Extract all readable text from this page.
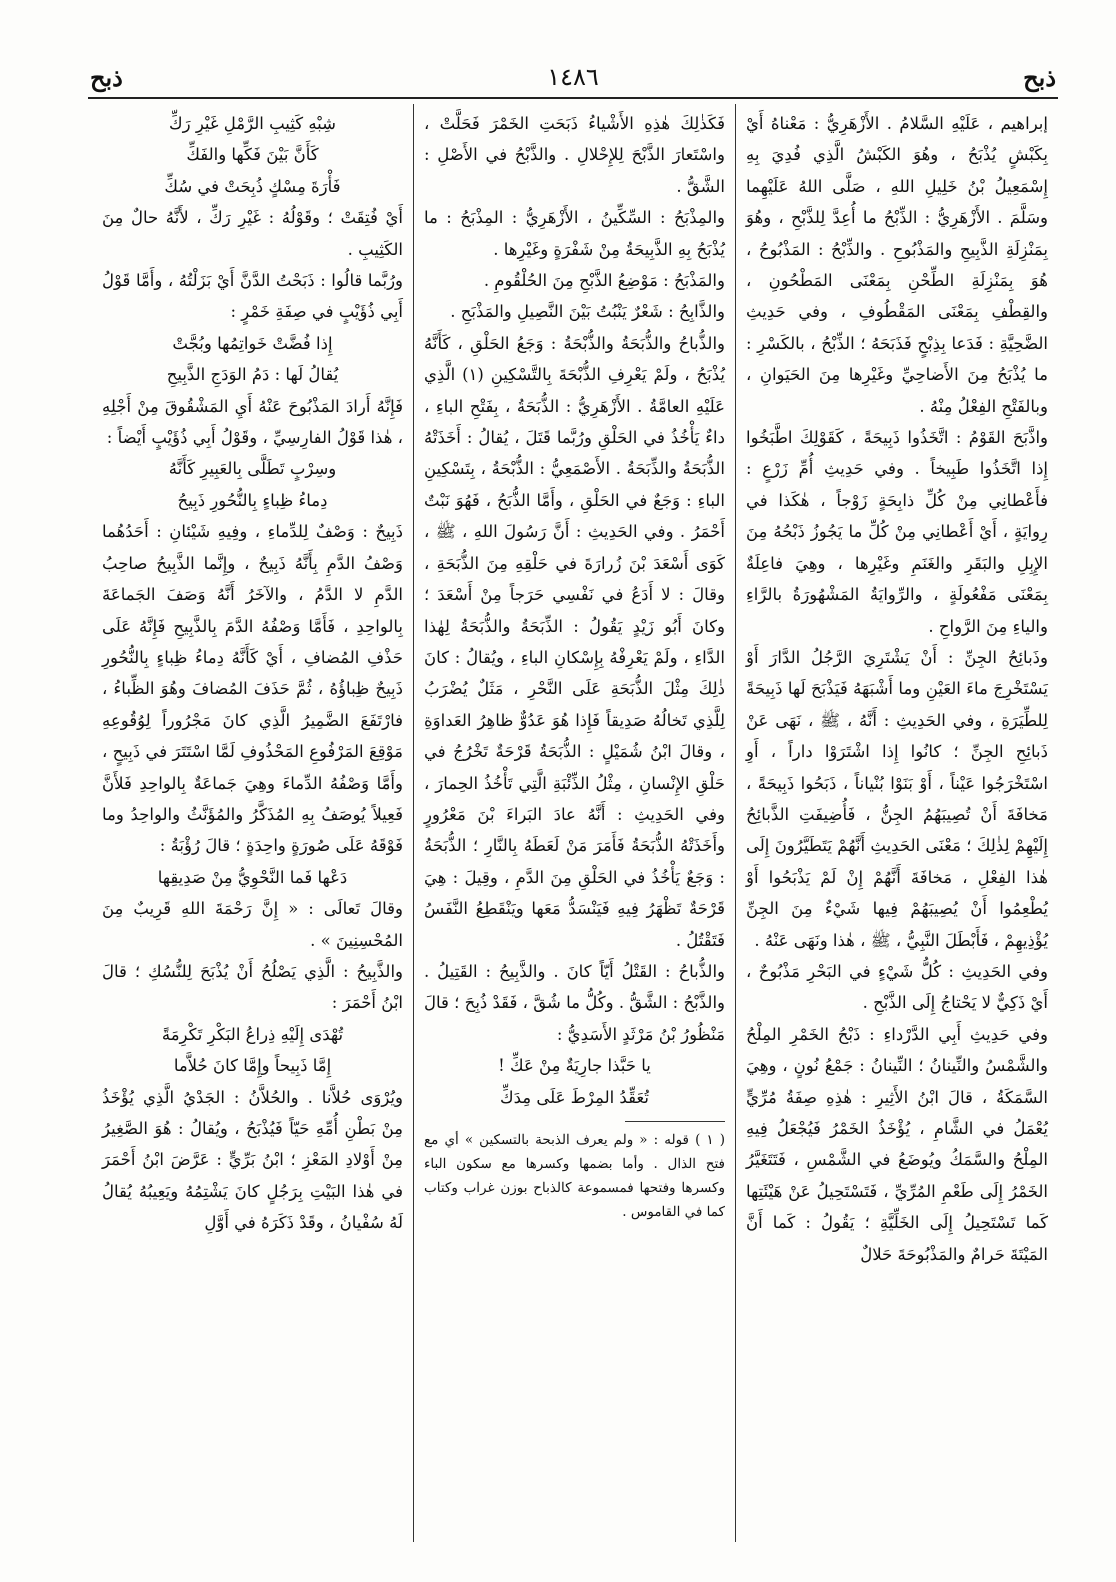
ذبح
١٤٨٦
ذبح

إبراهيم ، عَلَيْهِ السَّلامُ . الأَزْهَرِيُّ : مَعْناهُ أَيْ بِكَبْشٍ يُذْبَحُ ، وهُوَ الكَبْشُ الَّذِي فُدِيَ بِهِ إِسْمَعِيلُ بْنُ خَلِيلِ اللهِ ، صَلَّى اللهُ عَلَيْهِما وسَلَّمَ . الأَزْهَرِيُّ : الذِّبْحُ ما أُعِدَّ لِلذَّبْحِ ، وهُوَ بِمَنْزِلَةِ الذَّبِيحِ والمَذْبُوحِ . والذِّبْحُ : المَذْبُوحُ ، هُوَ بِمَنْزِلَةِ الطِّحْنِ بِمَعْنَى المَطْحُونِ ، والقِطْفِ بِمَعْنَى المَقْطُوفِ ، وفي حَدِيثِ الضَّحِيَّةِ : فَدَعا بِذِبْحٍ فَذَبَحَهُ ؛ الذِّبْحُ ، بالكَسْرِ : ما يُذْبَحُ مِنَ الأَضاحِيِّ وغَيْرِها مِنَ الحَيَوانِ ، وبالفَتْحِ الفِعْلُ مِنْهُ .

واذَّبَحَ القَوْمُ : اتَّخَذُوا ذَبِيحَةً ، كَقَوْلِكَ اطَّبَخُوا إِذا اتَّخَذُوا طَبِيخاً . وفي حَدِيثِ أُمِّ زَرْعٍ : فأَعْطانِي مِنْ كُلِّ ذابِحَةٍ زَوْجاً ، هٰكَذا في رِوايَةٍ ، أَيْ أَعْطانِي مِنْ كُلِّ ما يَجُوزُ ذَبْحُهُ مِنَ الإِبِلِ والبَقَرِ والغَنَمِ وغَيْرِها ، وهِيَ فاعِلَةٌ بِمَعْنَى مَفْعُولَةٍ ، والرِّوايَةُ المَشْهُورَةُ بالرَّاءِ والياءِ مِنَ الرَّواحِ .

وذَبائِحُ الجِنِّ : أَنْ يَشْتَرِيَ الرَّجُلُ الدَّارَ أَوْ يَسْتَخْرِجَ ماءَ العَيْنِ وما أَشْبَهَهُ فَيَذْبَحَ لَها ذَبِيحَةً لِلطِّيَرَةِ ، وفي الحَدِيثِ : أَنَّهُ ، ﷺ ، نَهَى عَنْ ذَبائِحِ الجِنِّ ؛ كانُوا إِذا اشْتَرَوْا داراً ، أَوِ اسْتَخْرَجُوا عَيْناً ، أَوْ بَنَوْا بُنْياناً ، ذَبَحُوا ذَبِيحَةً ، مَخافَةَ أَنْ تُصِيبَهُمُ الجِنُّ ، فَأُضِيفَتِ الذَّبائِحُ إِلَيْهِمْ لِذٰلِكَ ؛ مَعْنَى الحَدِيثِ أَنَّهُمْ يَتَطَيَّرُونَ إِلَى هٰذا الفِعْلِ ، مَخافَةَ أَنَّهُمْ إِنْ لَمْ يَذْبَحُوا أَوْ يُطْعِمُوا أَنْ يُصِيبَهُمْ فِيها شَيْءٌ مِنَ الجِنِّ يُؤْذِيهِمْ ، فَأَبْطَلَ النَّبِيُّ ، ﷺ ، هٰذا ونَهَى عَنْهُ .

وفي الحَدِيثِ : كُلُّ شَيْءٍ في البَحْرِ مَذْبُوحٌ ، أَيْ ذَكِيٌّ لا يَحْتاجُ إِلَى الذَّبْحِ .

وفي حَدِيثِ أَبِي الدَّرْداءِ : ذَبْحُ الخَمْرِ المِلْحُ والشَّمْسُ والنِّينانُ ؛ النِّينانُ : جَمْعُ نُونٍ ، وهِيَ السَّمَكَةُ ، قالَ ابْنُ الأَثِيرِ : هٰذِهِ صِفَةُ مُرِّيٍّ يُعْمَلُ في الشَّامِ ، يُؤْخَذُ الخَمْرُ فَيُجْعَلُ فِيهِ المِلْحُ والسَّمَكُ ويُوضَعُ في الشَّمْسِ ، فَتَتَغَيَّرُ الخَمْرُ إِلَى طَعْمِ المُرِّيِّ ، فَتَسْتَحِيلُ عَنْ هَيْئَتِها كَما تَسْتَحِيلُ إِلَى الخَلِّيَّةِ ؛ يَقُولُ : كَما أَنَّ المَيْتَةَ حَرامٌ والمَذْبُوحَةَ حَلالٌ

فَكَذٰلِكَ هٰذِهِ الأَشْياءُ ذَبَحَتِ الخَمْرَ فَحَلَّتْ ، واسْتَعارَ الذَّبْحَ لِلإِحْلالِ . والذَّبْحُ في الأَصْلِ : الشَّقُّ .

والمِذْبَحُ : السِّكِّينُ ، الأَزْهَرِيُّ : المِذْبَحُ : ما يُذْبَحُ بِهِ الذَّبِيحَةُ مِنْ شَفْرَةٍ وغَيْرِها .

والمَذْبَحُ : مَوْضِعُ الذَّبْحِ مِنَ الحُلْقُومِ .

والذَّابِحُ : شَعْرٌ يَنْبُتُ بَيْنَ النَّصِيلِ والمَذْبَحِ .

والذُّباحُ والذُّبَحَةُ والذُّبْحَةُ : وَجَعُ الحَلْقِ ، كَأَنَّهُ يُذْبَحُ ، ولَمْ يَعْرِفِ الذُّبْحَةَ بِالتَّسْكِينِ (١) الَّذِي عَلَيْهِ العامَّةُ . الأَزْهَرِيُّ : الذُّبَحَةُ ، بِفَتْحِ الباءِ ، داءٌ يَأْخُذُ في الحَلْقِ ورُبَّما قَتَلَ ، يُقالُ : أَخَذَتْهُ الذُّبَحَةُ والذِّبَحَةُ . الأَصْمَعِيُّ : الذُّبْحَةُ ، بِتَسْكِينِ الباءِ : وَجَعٌ في الحَلْقِ ، وأَمَّا الذُّبَحُ ، فَهُوَ نَبْتٌ أَحْمَرُ . وفي الحَدِيثِ : أَنَّ رَسُولَ اللهِ ، ﷺ ، كَوَى أَسْعَدَ بْنَ زُرارَةَ في حَلْقِهِ مِنَ الذُّبَحَةِ ، وقالَ : لا أَدَعُ في نَفْسِي حَرَجاً مِنْ أَسْعَدَ ؛ وكانَ أَبُو زَيْدٍ يَقُولُ : الذِّبَحَةُ والذُّبَحَةُ لِهٰذا الدَّاءِ ، ولَمْ يَعْرِفْهُ بِإِسْكانِ الباءِ ، ويُقالُ : كانَ ذٰلِكَ مِثْلَ الذُّبَحَةِ عَلَى النَّحْرِ ، مَثَلٌ يُضْرَبُ لِلَّذِي تَخالُهُ صَدِيقاً فَإِذا هُوَ عَدُوٌّ ظاهِرُ العَداوَةِ ، وقالَ ابْنُ شُمَيْلٍ : الذُّبَحَةُ قَرْحَةٌ تَخْرُجُ في حَلْقِ الإِنْسانِ ، مِثْلُ الذِّئْبَةِ الَّتِي تَأْخُذُ الحِمارَ ، وفي الحَدِيثِ : أَنَّهُ عادَ البَراءَ بْنَ مَعْرُورٍ وأَخَذَتْهُ الذُّبَحَةُ فَأَمَرَ مَنْ لَعَطَهُ بِالنَّارِ ؛ الذُّبَحَةُ : وَجَعٌ يَأْخُذُ في الحَلْقِ مِنَ الدَّمِ ، وقِيلَ : هِيَ قَرْحَةٌ تَظْهَرُ فِيهِ فَيَنْسَدُّ مَعَها ويَنْقَطِعُ النَّفَسُ فَتَقْتُلُ .

والذُّباحُ : القَتْلُ أَيّاً كانَ . والذَّبِيحُ : القَتِيلُ . والذَّبْحُ : الشَّقُّ . وكُلُّ ما شُقَّ ، فَقَدْ ذُبِحَ ؛ قالَ مَنْظُورُ بْنُ مَرْثَدٍ الأَسَدِيُّ :

يا حَبَّذا جارِيَةٌ مِنْ عَكِّ !

تُعَقِّدُ المِرْطَ عَلَى مِدَكِّ

( ١ ) قوله : « ولم يعرف الذبحة بالتسكين » أي مع فتح الذال . وأما بضمها وكسرها مع سكون الباء وكسرها وفتحها فمسموعة كالذباح بوزن غراب وكتاب كما في القاموس .

شِبْهِ كَثِيبِ الرَّمْلِ غَيْرِ رَكِّ

كَأَنَّ بَيْنَ فَكِّها والفَكِّ

فَأْرَةَ مِسْكٍ ذُبِحَتْ في سُكِّ

أَيْ فُتِقَتْ ؛ وقَوْلُهُ : غَيْرِ رَكِّ ، لأَنَّهُ حالٌ مِنَ الكَثِيبِ .

ورُبَّما قالُوا : ذَبَحْتُ الدَّنَّ أَيْ بَزَلْتُهُ ، وأَمَّا قَوْلُ أَبِي ذُؤَيْبٍ في صِفَةِ خَمْرٍ :

إِذا فُضَّتْ خَواتِمُها وبُجَّتْ

يُقالُ لَها : دَمُ الوَدَجِ الذَّبِيحِ

فَإِنَّهُ أَرادَ المَذْبُوحَ عَنْهُ أَيِ المَشْقُوقَ مِنْ أَجْلِهِ ، هٰذا قَوْلُ الفارِسِيِّ ، وقَوْلُ أَبِي ذُؤَيْبٍ أَيْضاً :

وسِرْبٍ تَطَلَّى بِالعَبِيرِ كَأَنَّهُ

دِماءُ ظِباءٍ بِالنُّحُورِ ذَبِيحُ

ذَبِيحٌ : وَصْفٌ لِلدِّماءِ ، وفِيهِ شَيْئانِ : أَحَدُهُما وَصْفُ الدَّمِ بِأَنَّهُ ذَبِيحٌ ، وإِنَّما الذَّبِيحُ صاحِبُ الدَّمِ لا الدَّمُ ، والآخَرُ أَنَّهُ وَصَفَ الجَماعَةَ بِالواحِدِ ، فَأَمَّا وَصْفُهُ الدَّمَ بِالذَّبِيحِ فَإِنَّهُ عَلَى حَذْفِ المُضافِ ، أَيْ كَأَنَّهُ دِماءُ ظِباءٍ بِالنُّحُورِ ذَبِيحٌ ظِباؤُهُ ، ثُمَّ حَذَفَ المُضافَ وهُوَ الظِّباءُ ، فارْتَفَعَ الضَّمِيرُ الَّذِي كانَ مَجْرُوراً لِوُقُوعِهِ مَوْقِعَ المَرْفُوعِ المَحْذُوفِ لَمَّا اسْتَتَرَ في ذَبِيحٍ ، وأَمَّا وَصْفُهُ الدِّماءَ وهِيَ جَماعَةٌ بِالواحِدِ فَلأَنَّ فَعِيلاً يُوصَفُ بِهِ المُذَكَّرُ والمُؤَنَّثُ والواحِدُ وما فَوْقَهُ عَلَى صُورَةٍ واحِدَةٍ ؛ قالَ رُؤْبَةُ :

دَعْها فَما النَّحْوِيُّ مِنْ صَدِيقِها

وقالَ تَعالَى : « إِنَّ رَحْمَةَ اللهِ قَرِيبٌ مِنَ المُحْسِنِينَ » .

والذَّبِيحُ : الَّذِي يَصْلُحُ أَنْ يُذْبَحَ لِلنُّسُكِ ؛ قالَ ابْنُ أَحْمَرَ :

تُهْدَى إِلَيْهِ ذِراعُ البَكْرِ تَكْرِمَةً

إِمَّا ذَبِيحاً وإِمَّا كانَ حُلاَّما

ويُرْوَى حُلاَّنا . والحُلاَّنُ : الجَدْيُ الَّذِي يُؤْخَذُ مِنْ بَطْنِ أُمِّهِ حَيّاً فَيُذْبَحُ ، ويُقالُ : هُوَ الصَّغِيرُ مِنْ أَوْلادِ المَعْزِ ؛ ابْنُ بَرِّيٍّ : عَرَّضَ ابْنُ أَحْمَرَ في هٰذا البَيْتِ بِرَجُلٍ كانَ يَشْتِمُهُ ويَعِيبُهُ يُقالُ لَهُ سُفْيانُ ، وقَدْ ذَكَرَهُ في أَوَّلِ
